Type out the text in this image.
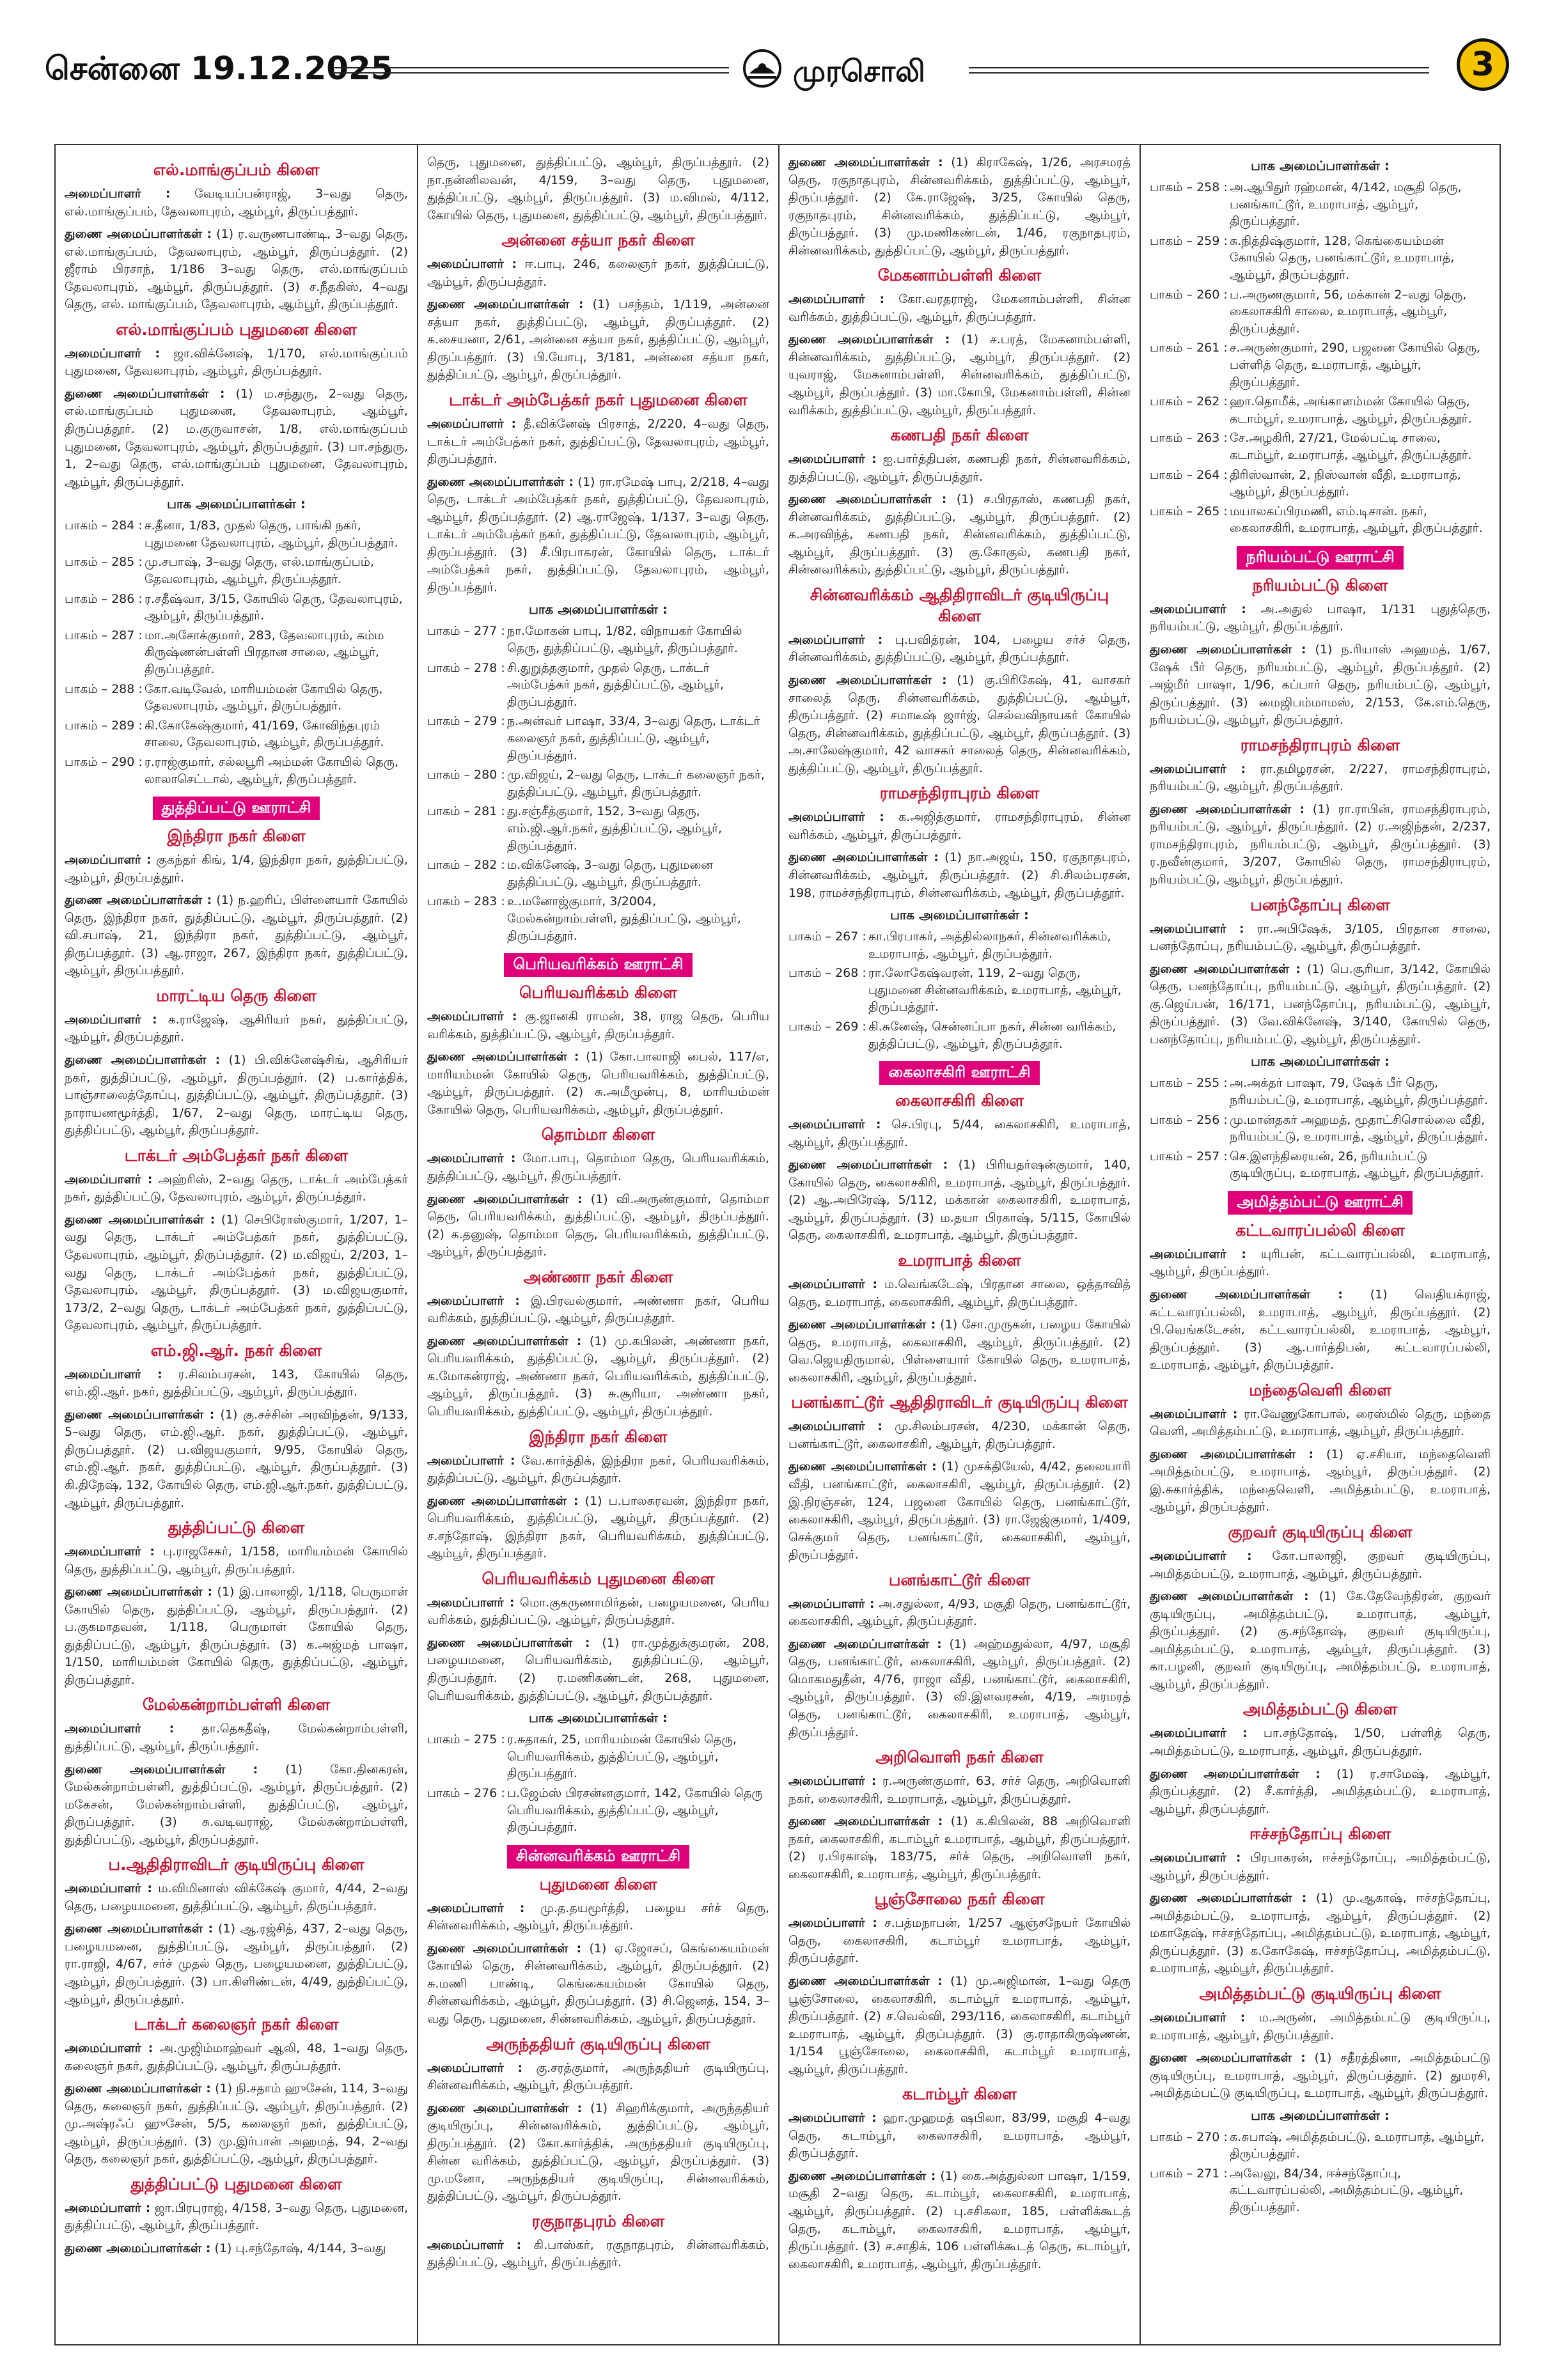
சென்னை 19.12.2025	முரசொலி	3
எல்.மாங்குப்பம் கிளை

அமைப்பாளர் : வேடியப்பன்ராஜ், 3–வது தெரு, எல்.மாங்குப்பம், தேவலாபுரம், ஆம்பூர், திருப்பத்தூர்.

துணை அமைப்பாளர்கள் : (1) ர.வருணபாண்டி, 3–வது தெரு, எல்.மாங்குப்பம், தேவலாபுரம், ஆம்பூர், திருப்பத்தூர். (2) ஜீராம் பிரசாந், 1/186 3–வது தெரு, எல்.மாங்குப்பம் தேவலாபுரம், ஆம்பூர், திருப்பத்தூர். (3) ச.நீதகிஸ், 4–வது தெரு, எல். மாங்குப்பம், தேவலாபுரம், ஆம்பூர், திருப்பத்தூர்.

எல்.மாங்குப்பம் புதுமனை கிளை

அமைப்பாளர் : ஜா.விக்னேஷ், 1/170, எல்.மாங்குப்பம் புதுமனை, தேவலாபுரம், ஆம்பூர், திருப்பத்தூர்.

துணை அமைப்பாளர்கள் : (1) ம.சந்துரு, 2–வது தெரு, எல்.மாங்குப்பம் புதுமனை, தேவலாபுரம், ஆம்பூர், திருப்பத்தூர். (2) ம.குருவாசன், 1/8, எல்.மாங்குப்பம் புதுமனை, தேவலாபுரம், ஆம்பூர், திருப்பத்தூர். (3) பா.சந்துரு, 1, 2–வது தெரு, எல்.மாங்குப்பம் புதுமனை, தேவலாபுரம், ஆம்பூர், திருப்பத்தூர்.

பாக அமைப்பாளர்கள் :
பாகம் – 284 : ச.தீனா, 1/83, முதல் தெரு, பாங்கி நகர், புதுமனை தேவலாபுரம், ஆம்பூர், திருப்பத்தூர்.
பாகம் – 285 : மு.சபாஷ், 3–வது தெரு, எல்.மாங்குப்பம், தேவலாபுரம், ஆம்பூர், திருப்பத்தூர்.
பாகம் – 286 : ர.சதீஷ்வா, 3/15, கோயில் தெரு, தேவலாபுரம், ஆம்பூர், திருப்பத்தூர்.
பாகம் – 287 : மா.அசோக்குமார், 283, தேவலாபுரம், கம்ம கிருஷ்ணன்பள்ளி பிரதான சாலை, ஆம்பூர், திருப்பத்தூர்.
பாகம் – 288 : கோ.வடிவேல், மாரியம்மன் கோயில் தெரு, தேவலாபுரம், ஆம்பூர், திருப்பத்தூர்.
பாகம் – 289 : கி.கோகேஷ்குமார், 41/169, கோவிந்தபுரம் சாலை, தேவலாபுரம், ஆம்பூர், திருப்பத்தூர்.
பாகம் – 290 : ர.ராஜ்குமார், சல்லபூரி அம்மன் கோயில் தெரு, லாலாசெட்டால், ஆம்பூர், திருப்பத்தூர்.
துத்திப்பட்டு ஊராட்சி
இந்திரா நகர் கிளை

அமைப்பாளர் : குகந்தர் கிங், 1/4, இந்திரா நகர், துத்திப்பட்டு, ஆம்பூர், திருப்பத்தூர்.

துணை அமைப்பாளர்கள் : (1) ந.ஹரிப், பிள்ளையார் கோயில் தெரு, இந்திரா நகர், துத்திப்பட்டு, ஆம்பூர், திருப்பத்தூர். (2) வி.சபாஷ், 21, இந்திரா நகர், துத்திப்பட்டு, ஆம்பூர், திருப்பத்தூர். (3) ஆ.ராஜா, 267, இந்திரா நகர், துத்திப்பட்டு, ஆம்பூர், திருப்பத்தூர்.

மாரட்டிய தெரு கிளை

அமைப்பாளர் : க.ராஜேஷ், ஆசிரியர் நகர், துத்திப்பட்டு, ஆம்பூர், திருப்பத்தூர்.

துணை அமைப்பாளர்கள் : (1) பி.விக்னேஷ்சிங், ஆசிரியர் நகர், துத்திப்பட்டு, ஆம்பூர், திருப்பத்தூர். (2) ப.கார்த்திக், பாஞ்சாலைத்தோப்பு, துத்திப்பட்டு, ஆம்பூர், திருப்பத்தூர். (3) நாராயணமூர்த்தி, 1/67, 2–வது தெரு, மாரட்டிய தெரு, துத்திப்பட்டு, ஆம்பூர், திருப்பத்தூர்.

டாக்டர் அம்பேத்கர் நகர் கிளை

அமைப்பாளர் : அஹ்ரிஸ், 2–வது தெரு, டாக்டர் அம்பேத்கர் நகர், துத்திப்பட்டு, தேவலாபுரம், ஆம்பூர், திருப்பத்தூர்.

துணை அமைப்பாளர்கள் : (1) செபிரோஸ்குமார், 1/207, 1–வது தெரு, டாக்டர் அம்பேத்கர் நகர், துத்திப்பட்டு, தேவலாபுரம், ஆம்பூர், திருப்பத்தூர். (2) ம.விஜய், 2/203, 1–வது தெரு, டாக்டர் அம்பேத்கர் நகர், துத்திப்பட்டு, தேவலாபுரம், ஆம்பூர், திருப்பத்தூர். (3) ம.விஜயகுமார், 173/2, 2–வது தெரு, டாக்டர் அம்பேத்கர் நகர், துத்திப்பட்டு, தேவலாபுரம், ஆம்பூர், திருப்பத்தூர்.

எம்.ஜி.ஆர். நகர் கிளை

அமைப்பாளர் : ர.சிலம்பரசன், 143, கோயில் தெரு, எம்.ஜி.ஆர். நகர், துத்திப்பட்டு, ஆம்பூர், திருப்பத்தூர்.

துணை அமைப்பாளர்கள் : (1) கு.சச்சின் அரவிந்தன், 9/133, 5–வது தெரு, எம்.ஜி.ஆர். நகர், துத்திப்பட்டு, ஆம்பூர், திருப்பத்தூர். (2) ப.விஜயகுமார், 9/95, கோயில் தெரு, எம்.ஜி.ஆர். நகர், துத்திப்பட்டு, ஆம்பூர், திருப்பத்தூர். (3) கி.திநேஷ், 132, கோயில் தெரு, எம்.ஜி.ஆர்.நகர், துத்திப்பட்டு, ஆம்பூர், திருப்பத்தூர்.

துத்திப்பட்டு கிளை

அமைப்பாளர் : பு.ராஜசேகர், 1/158, மாரியம்மன் கோயில் தெரு, துத்திப்பட்டு, ஆம்பூர், திருப்பத்தூர்.

துணை அமைப்பாளர்கள் : (1) இ.பாலாஜி, 1/118, பெருமாள் கோயில் தெரு, துத்திப்பட்டு, ஆம்பூர், திருப்பத்தூர். (2) ப.குகமாதவன், 1/118, பெருமாள் கோயில் தெரு, துத்திப்பட்டு, ஆம்பூர், திருப்பத்தூர். (3) க.அஜ்மத் பாஷா, 1/150, மாரியம்மன் கோயில் தெரு, துத்திப்பட்டு, ஆம்பூர், திருப்பத்தூர்.

மேல்கன்றாம்பள்ளி கிளை

அமைப்பாளர் : தா.தெகதீஷ், மேல்கன்றாம்பள்ளி, துத்திப்பட்டு, ஆம்பூர், திருப்பத்தூர்.

துணை அமைப்பாளர்கள் : (1) கோ.தினகரன், மேல்கன்றாம்பள்ளி, துத்திப்பட்டு, ஆம்பூர், திருப்பத்தூர். (2) மகேசன், மேல்கன்றாம்பள்ளி, துத்திப்பட்டு, ஆம்பூர், திருப்பத்தூர். (3) சு.வடிவராஜ், மேல்கன்றாம்பள்ளி, துத்திப்பட்டு, ஆம்பூர், திருப்பத்தூர்.

ப.ஆதிதிராவிடர் குடியிருப்பு கிளை

அமைப்பாளர் : ம.விமினாஸ் விக்கேஷ் குமார், 4/44, 2–வது தெரு, பழையமனை, துத்திப்பட்டு, ஆம்பூர், திருப்பத்தூர்.

துணை அமைப்பாளர்கள் : (1) ஆ.ரஜ்சித், 437, 2–வது தெரு, பழையமனை, துத்திப்பட்டு, ஆம்பூர், திருப்பத்தூர். (2) ரா.ராஜி, 4/67, சர்ச் முதல் தெரு, பழையமனை, துத்திப்பட்டு, ஆம்பூர், திருப்பத்தூர். (3) பா.கிளிண்டன், 4/49, துத்திப்பட்டு, ஆம்பூர், திருப்பத்தூர்.

டாக்டர் கலைஞர் நகர் கிளை

அமைப்பாளர் : அ.முஜிம்மாஹ்வர் ஆலி, 48, 1–வது தெரு, கலைஞர் நகர், துத்திப்பட்டு, ஆம்பூர், திருப்பத்தூர்.

துணை அமைப்பாளர்கள் : (1) நி.சதாம் ஹுசேன், 114, 3–வது தெரு, கலைஞர் நகர், துத்திப்பட்டு, ஆம்பூர், திருப்பத்தூர். (2) மு.அஷ்ரஃப் ஹுசேன், 5/5, கலைஞர் நகர், துத்திப்பட்டு, ஆம்பூர், திருப்பத்தூர். (3) மு.இர்பான் அஹமத், 94, 2–வது தெரு, கலைஞர் நகர், துத்திப்பட்டு, ஆம்பூர், திருப்பத்தூர்.

துத்திப்பட்டு புதுமனை கிளை

அமைப்பாளர் : ஜா.பிரபுராஜ், 4/158, 3–வது தெரு, புதுமனை, துத்திப்பட்டு, ஆம்பூர், திருப்பத்தூர்.

துணை அமைப்பாளர்கள் : (1) பு.சந்தோஷ், 4/144, 3–வது

தெரு, புதுமனை, துத்திப்பட்டு, ஆம்பூர், திருப்பத்தூர். (2) நா.நன்னிலவன், 4/159, 3–வது தெரு, புதுமனை, துத்திப்பட்டு, ஆம்பூர், திருப்பத்தூர். (3) ம.விமல், 4/112, கோயில் தெரு, புதுமனை, துத்திப்பட்டு, ஆம்பூர், திருப்பத்தூர்.

அன்னை சத்யா நகர் கிளை

அமைப்பாளர் : ஈ.பாபு, 246, கலைஞர் நகர், துத்திப்பட்டு, ஆம்பூர், திருப்பத்தூர்.

துணை அமைப்பாளர்கள் : (1) பசந்தம், 1/119, அன்னை சத்யா நகர், துத்திப்பட்டு, ஆம்பூர், திருப்பத்தூர். (2) க.சையனா, 2/61, அன்னை சத்யா நகர், துத்திப்பட்டு, ஆம்பூர், திருப்பத்தூர். (3) பி.யோபு, 3/181, அன்னை சத்யா நகர், துத்திப்பட்டு, ஆம்பூர், திருப்பத்தூர்.

டாக்டர் அம்பேத்கர் நகர் புதுமனை கிளை

அமைப்பாளர் : தீ.விக்னேஷ் பிரசாத், 2/220, 4–வது தெரு, டாக்டர் அம்பேத்கர் நகர், துத்திப்பட்டு, தேவலாபுரம், ஆம்பூர், திருப்பத்தூர்.

துணை அமைப்பாளர்கள் : (1) ரா.ரமேஷ் பாபு, 2/218, 4–வது தெரு, டாக்டர் அம்பேத்கர் நகர், துத்திப்பட்டு, தேவலாபுரம், ஆம்பூர், திருப்பத்தூர். (2) ஆ.ராஜேஷ், 1/137, 3–வது தெரு, டாக்டர் அம்பேத்கர் நகர், துத்திப்பட்டு, தேவலாபுரம், ஆம்பூர், திருப்பத்தூர். (3) சீ.பிரபாகரன், கோயில் தெரு, டாக்டர் அம்பேத்கர் நகர், துத்திப்பட்டு, தேவலாபுரம், ஆம்பூர், திருப்பத்தூர்.

பாக அமைப்பாளர்கள் :
பாகம் – 277 : நா.மோகன் பாபு, 1/82, விநாயகர் கோயில் தெரு, துத்திப்பட்டு, ஆம்பூர், திருப்பத்தூர்.
பாகம் – 278 : சி.துறுத்தகுமார், முதல் தெரு, டாக்டர் அம்பேத்கர் நகர், துத்திப்பட்டு, ஆம்பூர், திருப்பத்தூர்.
பாகம் – 279 : ந.அன்வர் பாஷா, 33/4, 3–வது தெரு, டாக்டர் கலைஞர் நகர், துத்திப்பட்டு, ஆம்பூர், திருப்பத்தூர்.
பாகம் – 280 : மு.விஜய், 2–வது தெரு, டாக்டர் கலைஞர் நகர், துத்திப்பட்டு, ஆம்பூர், திருப்பத்தூர்.
பாகம் – 281 : து.சஞ்சீத்குமார், 152, 3–வது தெரு, எம்.ஜி.ஆர்.நகர், துத்திப்பட்டு, ஆம்பூர், திருப்பத்தூர்.
பாகம் – 282 : ம.விக்னேஷ், 3–வது தெரு, புதுமனை துத்திப்பட்டு, ஆம்பூர், திருப்பத்தூர்.
பாகம் – 283 : உ.மனோஜ்குமார், 3/2004, மேல்கன்றாம்பள்ளி, துத்திப்பட்டு, ஆம்பூர், திருப்பத்தூர்.
பெரியவரிக்கம் ஊராட்சி
பெரியவரிக்கம் கிளை

அமைப்பாளர் : கு.ஜானகி ராமன், 38, ராஜ தெரு, பெரிய வரிக்கம், துத்திப்பட்டு, ஆம்பூர், திருப்பத்தூர்.

துணை அமைப்பாளர்கள் : (1) கோ.பாலாஜி பைல், 117/எ, மாரியம்மன் கோயில் தெரு, பெரியவரிக்கம், துத்திப்பட்டு, ஆம்பூர், திருப்பத்தூர். (2) சு.அமீமுன்பு, 8, மாரியம்மன் கோயில் தெரு, பெரியவரிக்கம், ஆம்பூர், திருப்பத்தூர்.

தொம்மா கிளை

அமைப்பாளர் : மோ.பாபு, தொம்மா தெரு, பெரியவரிக்கம், துத்திப்பட்டு, ஆம்பூர், திருப்பத்தூர்.

துணை அமைப்பாளர்கள் : (1) வி.அருண்குமார், தொம்மா தெரு, பெரியவரிக்கம், துத்திப்பட்டு, ஆம்பூர், திருப்பத்தூர். (2) க.தனுஷ், தொம்மா தெரு, பெரியவரிக்கம், துத்திப்பட்டு, ஆம்பூர், திருப்பத்தூர்.

அண்ணா நகர் கிளை

அமைப்பாளர் : இ.பிரவல்குமார், அண்ணா நகர், பெரிய வரிக்கம், துத்திப்பட்டு, ஆம்பூர், திருப்பத்தூர்.

துணை அமைப்பாளர்கள் : (1) மு.கபிலன், அண்ணா நகர், பெரியவரிக்கம், துத்திப்பட்டு, ஆம்பூர், திருப்பத்தூர். (2) க.மோகன்ராஜ், அண்ணா நகர், பெரியவரிக்கம், துத்திப்பட்டு, ஆம்பூர், திருப்பத்தூர். (3) சு.சூரியா, அண்ணா நகர், பெரியவரிக்கம், துத்திப்பட்டு, ஆம்பூர், திருப்பத்தூர்.

இந்திரா நகர் கிளை

அமைப்பாளர் : வே.கார்த்திக், இந்திரா நகர், பெரியவரிக்கம், துத்திப்பட்டு, ஆம்பூர், திருப்பத்தூர்.

துணை அமைப்பாளர்கள் : (1) ப.பாலசுரவன், இந்திரா நகர், பெரியவரிக்கம், துத்திப்பட்டு, ஆம்பூர், திருப்பத்தூர். (2) ச.சந்தோஷ், இந்திரா நகர், பெரியவரிக்கம், துத்திப்பட்டு, ஆம்பூர், திருப்பத்தூர்.

பெரியவரிக்கம் புதுமனை கிளை

அமைப்பாளர் : மொ.குகருணாமிர்தன், பழையமனை, பெரிய வரிக்கம், துத்திப்பட்டு, ஆம்பூர், திருப்பத்தூர்.

துணை அமைப்பாளர்கள் : (1) ரா.முத்துக்குமரன், 208, பழையமனை, பெரியவரிக்கம், துத்திப்பட்டு, ஆம்பூர், திருப்பத்தூர். (2) ர.மணிகண்டன், 268, புதுமனை, பெரியவரிக்கம், துத்திப்பட்டு, ஆம்பூர், திருப்பத்தூர்.

பாக அமைப்பாளர்கள் :
பாகம் – 275 : ர.சுதாகர், 25, மாரியம்மன் கோயில் தெரு, பெரியவரிக்கம், துத்திப்பட்டு, ஆம்பூர், திருப்பத்தூர்.
பாகம் – 276 : ப.ஜேம்ஸ் பிரசன்னகுமார், 142, கோயில் தெரு பெரியவரிக்கம், துத்திப்பட்டு, ஆம்பூர், திருப்பத்தூர்.
சின்னவரிக்கம் ஊராட்சி
புதுமனை கிளை

அமைப்பாளர் : மு.த.தயமூர்த்தி, பழைய சர்ச் தெரு, சின்னவரிக்கம், ஆம்பூர், திருப்பத்தூர்.

துணை அமைப்பாளர்கள் : (1) ஏ.ஜோசப், கெங்கையம்மன் கோயில் தெரு, சின்னவரிக்கம், ஆம்பூர், திருப்பத்தூர். (2) சு.மணி பாண்டி, கெங்கையம்மன் கோயில் தெரு, சின்னவரிக்கம், ஆம்பூர், திருப்பத்தூர். (3) சி.ஜெனத், 154, 3–வது தெரு, புதுமனை, சின்னவரிக்கம், ஆம்பூர், திருப்பத்தூர்.

அருந்ததியர் குடியிருப்பு கிளை

அமைப்பாளர் : கு.சரத்குமார், அருந்ததியர் குடியிருப்பு, சின்னவரிக்கம், ஆம்பூர், திருப்பத்தூர்.

துணை அமைப்பாளர்கள் : (1) சிஹரிக்குமார், அருந்ததியர் குடியிருப்பு, சின்னவரிக்கம், துத்திப்பட்டு, ஆம்பூர், திருப்பத்தூர். (2) கோ.கார்த்திக், அருந்ததியர் குடியிருப்பு, சின்ன வரிக்கம், துத்திப்பட்டு, ஆம்பூர், திருப்பத்தூர். (3) மு.மனோ, அருந்ததியர் குடியிருப்பு, சின்னவரிக்கம், துத்திப்பட்டு, ஆம்பூர், திருப்பத்தூர்.

ரகுநாதபுரம் கிளை

அமைப்பாளர் : கி.பாஸ்கர், ரகுநாதபுரம், சின்னவரிக்கம், துத்திப்பட்டு, ஆம்பூர், திருப்பத்தூர்.

துணை அமைப்பாளர்கள் : (1) கிராகேஷ், 1/26, அரசமரத் தெரு, ரகுநாதபுரம், சின்னவரிக்கம், துத்திப்பட்டு, ஆம்பூர், திருப்பத்தூர். (2) கே.ராஜேஷ், 3/25, கோயில் தெரு, ரகுநாதபுரம், சின்னவரிக்கம், துத்திப்பட்டு, ஆம்பூர், திருப்பத்தூர். (3) மு.மணிகண்டன், 1/46, ரகுநாதபுரம், சின்னவரிக்கம், துத்திப்பட்டு, ஆம்பூர், திருப்பத்தூர்.

மேகனாம்பள்ளி கிளை

அமைப்பாளர் : கோ.வரதராஜ், மேகனாம்பள்ளி, சின்ன வரிக்கம், துத்திப்பட்டு, ஆம்பூர், திருப்பத்தூர்.

துணை அமைப்பாளர்கள் : (1) ச.பரத், மேகனாம்பள்ளி, சின்னவரிக்கம், துத்திப்பட்டு, ஆம்பூர், திருப்பத்தூர். (2) யுவராஜ், மேகனாம்பள்ளி, சின்னவரிக்கம், துத்திப்பட்டு, ஆம்பூர், திருப்பத்தூர். (3) மா.கோபி, மேகனாம்பள்ளி, சின்ன வரிக்கம், துத்திப்பட்டு, ஆம்பூர், திருப்பத்தூர்.

கணபதி நகர் கிளை

அமைப்பாளர் : ஐ.பார்த்திபன், கணபதி நகர், சின்னவரிக்கம், துத்திப்பட்டு, ஆம்பூர், திருப்பத்தூர்.

துணை அமைப்பாளர்கள் : (1) ச.பிரதாஸ், கணபதி நகர், சின்னவரிக்கம், துத்திப்பட்டு, ஆம்பூர், திருப்பத்தூர். (2) க.அரவிந்த், கணபதி நகர், சின்னவரிக்கம், துத்திப்பட்டு, ஆம்பூர், திருப்பத்தூர். (3) கு.கோகுல், கணபதி நகர், சின்னவரிக்கம், துத்திப்பட்டு, ஆம்பூர், திருப்பத்தூர்.

சின்னவரிக்கம் ஆதிதிராவிடர் குடியிருப்பு கிளை

அமைப்பாளர் : பு.பவித்ரன், 104, பழைய சர்ச் தெரு, சின்னவரிக்கம், துத்திப்பட்டு, ஆம்பூர், திருப்பத்தூர்.

துணை அமைப்பாளர்கள் : (1) கு.பிரிகேஷ், 41, வாசகர் சாலைத் தெரு, சின்னவரிக்கம், துத்திப்பட்டு, ஆம்பூர், திருப்பத்தூர். (2) சமாடீஷ் ஜார்ஜ், செல்வவிநாயகர் கோயில் தெரு, சின்னவரிக்கம், துத்திப்பட்டு, ஆம்பூர், திருப்பத்தூர். (3) அ.சாலேஷ்குமார், 42 வாசகர் சாலைத் தெரு, சின்னவரிக்கம், துத்திப்பட்டு, ஆம்பூர், திருப்பத்தூர்.

ராமசந்திராபுரம் கிளை

அமைப்பாளர் : க.அஜித்குமார், ராமசந்திராபுரம், சின்ன வரிக்கம், ஆம்பூர், திருப்பத்தூர்.

துணை அமைப்பாளர்கள் : (1) நா.அஜய், 150, ரகுநாதபுரம், சின்னவரிக்கம், ஆம்பூர், திருப்பத்தூர். (2) சி.சிலம்பரசன், 198, ராமச்சந்திராபுரம், சின்னவரிக்கம், ஆம்பூர், திருப்பத்தூர்.

பாக அமைப்பாளர்கள் :
பாகம் – 267 : கா.பிரபாகர், அத்தில்லாநகர், சின்னவரிக்கம், உமராபாத், ஆம்பூர், திருப்பத்தூர்.
பாகம் – 268 : ரா.லோகேஷ்வரன், 119, 2–வது தெரு, புதுமனை சின்னவரிக்கம், உமராபாத், ஆம்பூர், திருப்பத்தூர்.
பாகம் – 269 : கி.சுனேஷ், சென்னப்பா நகர், சின்ன வரிக்கம், துத்திப்பட்டு, ஆம்பூர், திருப்பத்தூர்.
கைலாசகிரி ஊராட்சி
கைலாசகிரி கிளை

அமைப்பாளர் : செ.பிரபு, 5/44, கைலாசகிரி, உமராபாத், ஆம்பூர், திருப்பத்தூர்.

துணை அமைப்பாளர்கள் : (1) பிரியதர்ஷன்குமார், 140, கோயில் தெரு, கைலாசகிரி, உமராபாத், ஆம்பூர், திருப்பத்தூர். (2) ஆ.அபிரேஷ், 5/112, மக்கான் கைலாசகிரி, உமராபாத், ஆம்பூர், திருப்பத்தூர். (3) ம.தயா பிரகாஷ், 5/115, கோயில் தெரு, கைலாசகிரி, உமராபாத், ஆம்பூர், திருப்பத்தூர்.

உமராபாத் கிளை

அமைப்பாளர் : ம.வெங்கடேஷ், பிரதான சாலை, ஒத்தாவித் தெரு, உமராபாத், கைலாசகிரி, ஆம்பூர், திருப்பத்தூர்.

துணை அமைப்பாளர்கள் : (1) சோ.முருகன், பழைய கோயில் தெரு, உமராபாத், கைலாசகிரி, ஆம்பூர், திருப்பத்தூர். (2) வெ.ஜெயதிருமால், பிள்ளையார் கோயில் தெரு, உமராபாத், கைலாசகிரி, ஆம்பூர், திருப்பத்தூர்.

பனங்காட்டூர் ஆதிதிராவிடர் குடியிருப்பு கிளை

அமைப்பாளர் : மு.சிலம்பரசன், 4/230, மக்கான் தெரு, பனங்காட்டூர், கைலாசகிரி, ஆம்பூர், திருப்பத்தூர்.

துணை அமைப்பாளர்கள் : (1) முசக்தியேல், 4/42, தலையாரி வீதி, பனங்காட்டூர், கைலாசகிரி, ஆம்பூர், திருப்பத்தூர். (2) இ.நிரஞ்சன், 124, பஜனை கோயில் தெரு, பனங்காட்டூர், கைலாசகிரி, ஆம்பூர், திருப்பத்தூர். (3) ரா.ஜேஜ்குமார், 1/409, செக்குமர் தெரு, பனங்காட்டூர், கைலாசகிரி, ஆம்பூர், திருப்பத்தூர்.

பனங்காட்டூர் கிளை

அமைப்பாளர் : அ.சதுல்லா, 4/93, மசூதி தெரு, பனங்காட்டூர், கைலாசகிரி, ஆம்பூர், திருப்பத்தூர்.

துணை அமைப்பாளர்கள் : (1) அஹ்மதுல்லா, 4/97, மசூதி தெரு, பனங்காட்டூர், கைலாசகிரி, ஆம்பூர், திருப்பத்தூர். (2) மொகமதுதீன், 4/76, ராஜா வீதி, பனங்காட்டூர், கைலாசகிரி, ஆம்பூர், திருப்பத்தூர். (3) வி.இளவரசன், 4/19, அரமரத் தெரு, பனங்காட்டூர், கைலாசகிரி, உமராபாத், ஆம்பூர், திருப்பத்தூர்.

அறிவொளி நகர் கிளை

அமைப்பாளர் : ர.அருண்குமார், 63, சர்ச் தெரு, அறிவொளி நகர், கைலாசகிரி, உமராபாத், ஆம்பூர், திருப்பத்தூர்.

துணை அமைப்பாளர்கள் : (1) க.கிபிலன், 88 அறிவொளி நகர், கைலாசகிரி, கடாம்பூர் உமராபாத், ஆம்பூர், திருப்பத்தூர். (2) ர.பிரகாஷ், 183/75, சர்ச் தெரு, அறிவொளி நகர், கைலாசகிரி, உமராபாத், ஆம்பூர், திருப்பத்தூர்.

பூஞ்சோலை நகர் கிளை

அமைப்பாளர் : ச.பத்மநாபன், 1/257 ஆஞ்சநேயர் கோயில் தெரு, கைலாசகிரி, கடாம்பூர் உமராபாத், ஆம்பூர், திருப்பத்தூர்.

துணை அமைப்பாளர்கள் : (1) மு.அஜிமான், 1–வது தெரு பூஞ்சோலை, கைலாசகிரி, கடாம்பூர் உமராபாத், ஆம்பூர், திருப்பத்தூர். (2) ச.வெல்வி, 293/116, கைலாசகிரி, கடாம்பூர் உமராபாத், ஆம்பூர், திருப்பத்தூர். (3) கு.ராதாகிருஷ்ணன், 1/154 பூஞ்சோலை, கைலாசகிரி, கடாம்பூர் உமராபாத், ஆம்பூர், திருப்பத்தூர்.

கடாம்பூர் கிளை

அமைப்பாளர் : ஹா.முஹமத் ஷபிலா, 83/99, மசூதி 4–வது தெரு, கடாம்பூர், கைலாசகிரி, உமராபாத், ஆம்பூர், திருப்பத்தூர்.

துணை அமைப்பாளர்கள் : (1) கை.அத்துல்லா பாஷா, 1/159, மசூதி 2–வது தெரு, கடாம்பூர், கைலாசகிரி, உமராபாத், ஆம்பூர், திருப்பத்தூர். (2) பு.சசிகலா, 185, பள்ளிக்கூடத் தெரு, கடாம்பூர், கைலாசகிரி, உமராபாத், ஆம்பூர், திருப்பத்தூர். (3) ச.சாதிக், 106 பள்ளிக்கூடத் தெரு, கடாம்பூர், கைலாசகிரி, உமராபாத், ஆம்பூர், திருப்பத்தூர்.

பாக அமைப்பாளர்கள் :
பாகம் – 258 : அ.ஆபிதுர் ரஹ்மான், 4/142, மசூதி தெரு, பனங்காட்டூர், உமராபாத், ஆம்பூர், திருப்பத்தூர்.
பாகம் – 259 : சு.நித்திஷ்குமார், 128, கெங்கையம்மன் கோயில் தெரு, பனங்காட்டூர், உமராபாத், ஆம்பூர், திருப்பத்தூர்.
பாகம் – 260 : ப.அருணகுமார், 56, மக்கான் 2–வது தெரு, கைலாசகிரி சாலை, உமராபாத், ஆம்பூர், திருப்பத்தூர்.
பாகம் – 261 : ச.அருண்குமார், 290, பஜனை கோயில் தெரு, பள்ளித் தெரு, உமராபாத், ஆம்பூர், திருப்பத்தூர்.
பாகம் – 262 : ஹா.தொமீக், அங்காளம்மன் கோயில் தெரு, கடாம்பூர், உமராபாத், ஆம்பூர், திருப்பத்தூர்.
பாகம் – 263 : சே.அழகிரி, 27/21, மேல்பட்டி சாலை, கடாம்பூர், உமராபாத், ஆம்பூர், திருப்பத்தூர்.
பாகம் – 264 : திரிஸ்வான், 2, நிஸ்வான் வீதி, உமராபாத், ஆம்பூர், திருப்பத்தூர்.
பாகம் – 265 : மயாலகப்பிரமணி, எம்.டிசான். நகர், கைலாசகிரி, உமராபாத், ஆம்பூர், திருப்பத்தூர்.
நரியம்பட்டு ஊராட்சி
நரியம்பட்டு கிளை

அமைப்பாளர் : அ.அதுல் பாஷா, 1/131 புதுத்தெரு, நரியம்பட்டு, ஆம்பூர், திருப்பத்தூர்.

துணை அமைப்பாளர்கள் : (1) ந.ரியாஸ் அஹமத், 1/67, ஷேக் பீர் தெரு, நரியம்பட்டு, ஆம்பூர், திருப்பத்தூர். (2) அஜ்மீர் பாஷா, 1/96, கப்பார் தெரு, நரியம்பட்டு, ஆம்பூர், திருப்பத்தூர். (3) மைஜிபம்மாமஸ், 2/153, கே.எம்.தெரு, நரியம்பட்டு, ஆம்பூர், திருப்பத்தூர்.

ராமசந்திராபுரம் கிளை

அமைப்பாளர் : ரா.தமிழரசன், 2/227, ராமசந்திராபுரம், நரியம்பட்டு, ஆம்பூர், திருப்பத்தூர்.

துணை அமைப்பாளர்கள் : (1) ரா.ராபின், ராமசந்திராபுரம், நரியம்பட்டு, ஆம்பூர், திருப்பத்தூர். (2) ர.அஜிந்தன், 2/237, ராமசந்திராபுரம், நரியம்பட்டு, ஆம்பூர், திருப்பத்தூர். (3) ர.நவீன்குமார், 3/207, கோயில் தெரு, ராமசந்திராபுரம், நரியம்பட்டு, ஆம்பூர், திருப்பத்தூர்.

பனந்தோப்பு கிளை

அமைப்பாளர் : ரா.அபிஷேக், 3/105, பிரதான சாலை, பனந்தோப்பு, நரியம்பட்டு, ஆம்பூர், திருப்பத்தூர்.

துணை அமைப்பாளர்கள் : (1) பெ.சூரியா, 3/142, கோயில் தெரு, பனந்தோப்பு, நரியம்பட்டு, ஆம்பூர், திருப்பத்தூர். (2) கு.ஜெய்பன், 16/171, பனந்தோப்பு, நரியம்பட்டு, ஆம்பூர், திருப்பத்தூர். (3) வே.விக்னேஷ், 3/140, கோயில் தெரு, பனந்தோப்பு, நரியம்பட்டு, ஆம்பூர், திருப்பத்தூர்.

பாக அமைப்பாளர்கள் :
பாகம் – 255 : அ.அக்தர் பாஷா, 79, ஷேக் பீர் தெரு, நரியம்பட்டு, உமராபாத், ஆம்பூர், திருப்பத்தூர்.
பாகம் – 256 : மு.மான்தகர் அஹமத், மூதாட்சிசொல்லை வீதி, நரியம்பட்டு, உமராபாத், ஆம்பூர், திருப்பத்தூர்.
பாகம் – 257 : செ.இளந்திரையன், 26, நரியம்பட்டு குடியிருப்பு, உமராபாத், ஆம்பூர், திருப்பத்தூர்.
அமித்தம்பட்டு ஊராட்சி
கட்டவாரப்பல்லி கிளை

அமைப்பாளர் : யுரிபன், கட்டவாரப்பல்லி, உமராபாத், ஆம்பூர், திருப்பத்தூர்.

துணை அமைப்பாளர்கள் : (1) வெதியக்ராஜ், கட்டவாரப்பல்லி, உமராபாத், ஆம்பூர், திருப்பத்தூர். (2) பி.வெங்கடேசன், கட்டவாரப்பல்லி, உமராபாத், ஆம்பூர், திருப்பத்தூர். (3) ஆ.பார்த்திபன், கட்டவாரப்பல்லி, உமராபாத், ஆம்பூர், திருப்பத்தூர்.

மந்தைவெளி கிளை

அமைப்பாளர் : ரா.வேணுகோபால், ரைஸ்மில் தெரு, மந்தை வெளி, அமித்தம்பட்டு, உமராபாத், ஆம்பூர், திருப்பத்தூர்.

துணை அமைப்பாளர்கள் : (1) ஏ.சசியா, மந்தைவெளி அமித்தம்பட்டு, உமராபாத், ஆம்பூர், திருப்பத்தூர். (2) இ.சுகார்த்திக், மந்தைவெளி, அமித்தம்பட்டு, உமராபாத், ஆம்பூர், திருப்பத்தூர்.

குறவர் குடியிருப்பு கிளை

அமைப்பாளர் : கோ.பாலாஜி, குறவர் குடியிருப்பு, அமித்தம்பட்டு, உமராபாத், ஆம்பூர், திருப்பத்தூர்.

துணை அமைப்பாளர்கள் : (1) கே.தேவேந்திரன், குறவர் குடியிருப்பு, அமித்தம்பட்டு, உமராபாத், ஆம்பூர், திருப்பத்தூர். (2) கு.சந்தோஷ், குறவர் குடியிருப்பு, அமித்தம்பட்டு, உமராபாத், ஆம்பூர், திருப்பத்தூர். (3) கா.பழனி, குறவர் குடியிருப்பு, அமித்தம்பட்டு, உமராபாத், ஆம்பூர், திருப்பத்தூர்.

அமித்தம்பட்டு கிளை

அமைப்பாளர் : பா.சந்தோஷ், 1/50, பள்ளித் தெரு, அமித்தம்பட்டு, உமராபாத், ஆம்பூர், திருப்பத்தூர்.

துணை அமைப்பாளர்கள் : (1) ர.சாமேஷ், ஆம்பூர், திருப்பத்தூர். (2) சீ.கார்த்தி, அமித்தம்பட்டு, உமராபாத், ஆம்பூர், திருப்பத்தூர்.

ஈச்சந்தோப்பு கிளை

அமைப்பாளர் : பிரபாகரன், ஈச்சந்தோப்பு, அமித்தம்பட்டு, ஆம்பூர், திருப்பத்தூர்.

துணை அமைப்பாளர்கள் : (1) மு.ஆகாஷ், ஈச்சந்தோப்பு, அமித்தம்பட்டு, உமராபாத், ஆம்பூர், திருப்பத்தூர். (2) மகாதேஷ், ஈச்சந்தோப்பு, அமித்தம்பட்டு, உமராபாத், ஆம்பூர், திருப்பத்தூர். (3) க.கோகேஷ், ஈச்சந்தோப்பு, அமித்தம்பட்டு, உமராபாத், ஆம்பூர், திருப்பத்தூர்.

அமித்தம்பட்டு குடியிருப்பு கிளை

அமைப்பாளர் : ம.அருண், அமித்தம்பட்டு குடியிருப்பு, உமராபாத், ஆம்பூர், திருப்பத்தூர்.

துணை அமைப்பாளர்கள் : (1) சதீரத்தினா, அமித்தம்பட்டு குடியிருப்பு, உமராபாத், ஆம்பூர், திருப்பத்தூர். (2) துமரசி, அமித்தம்பட்டு குடியிருப்பு, உமராபாத், ஆம்பூர், திருப்பத்தூர்.

பாக அமைப்பாளர்கள் :
பாகம் – 270 : க.சுபாஷ், அமித்தம்பட்டு, உமராபாத், ஆம்பூர், திருப்பத்தூர்.
பாகம் – 271 : அவேலு, 84/34, ஈச்சந்தோப்பு, கட்டவாரப்பல்லி, அமித்தம்பட்டு, ஆம்பூர், திருப்பத்தூர்.
